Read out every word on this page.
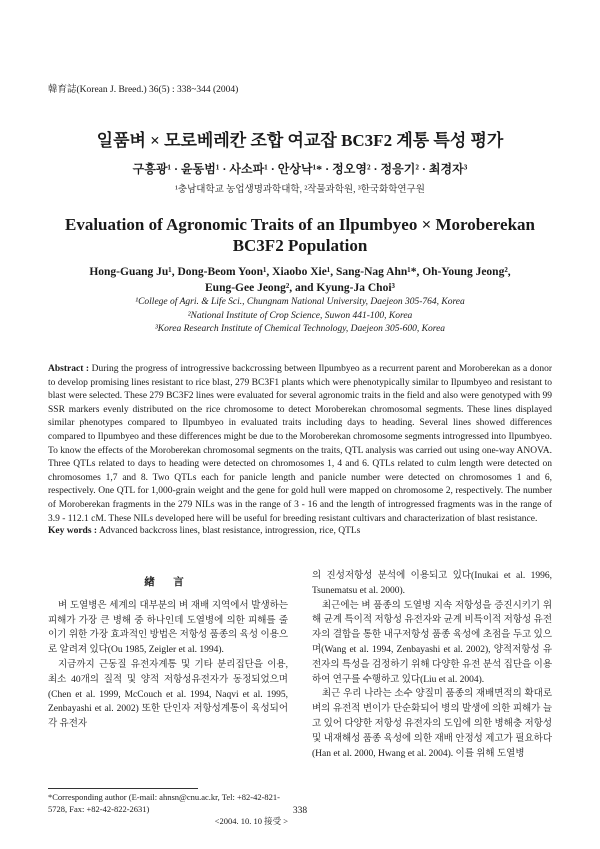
韓育誌(Korean J. Breed.) 36(5) : 338~344 (2004)
일품벼 × 모로베레칸 조합 여교잡 BC3F2 계통 특성 평가
구흥광¹ · 윤동범¹ · 사소파¹ · 안상낙¹* · 정오영² · 정응기² · 최경자³
¹충남대학교 농업생명과학대학, ²작물과학원, ³한국화학연구원
Evaluation of Agronomic Traits of an Ilpumbyeo × Moroberekan
BC3F2 Population
Hong-Guang Ju¹, Dong-Beom Yoon¹, Xiaobo Xie¹, Sang-Nag Ahn¹*, Oh-Young Jeong²,
Eung-Gee Jeong², and Kyung-Ja Choi³
¹College of Agri. & Life Sci., Chungnam National University, Daejeon 305-764, Korea
²National Institute of Crop Science, Suwon 441-100, Korea
³Korea Research Institute of Chemical Technology, Daejeon 305-600, Korea
Abstract : During the progress of introgressive backcrossing between Ilpumbyeo as a recurrent parent and Moroberekan as a donor to develop promising lines resistant to rice blast, 279 BC3F1 plants which were phenotypically similar to Ilpumbyeo and resistant to blast were selected. These 279 BC3F2 lines were evaluated for several agronomic traits in the field and also were genotyped with 99 SSR markers evenly distributed on the rice chromosome to detect Moroberekan chromosomal segments. These lines displayed similar phenotypes compared to Ilpumbyeo in evaluated traits including days to heading. Several lines showed differences compared to Ilpumbyeo and these differences might be due to the Moroberekan chromosome segments introgressed into Ilpumbyeo. To know the effects of the Moroberekan chromosomal segments on the traits, QTL analysis was carried out using one-way ANOVA. Three QTLs related to days to heading were detected on chromosomes 1, 4 and 6. QTLs related to culm length were detected on chromosomes 1,7 and 8. Two QTLs each for panicle length and panicle number were detected on chromosomes 1 and 6, respectively. One QTL for 1,000-grain weight and the gene for gold hull were mapped on chromosome 2, respectively. The number of Moroberekan fragments in the 279 NILs was in the range of 3 - 16 and the length of introgressed fragments was in the range of 3.9 - 112.1 cM. These NILs developed here will be useful for breeding resistant cultivars and characterization of blast resistance.
Key words : Advanced backcross lines, blast resistance, introgression, rice, QTLs
緖 言

벼 도열병은 세계의 대부분의 벼 재배 지역에서 발생하는 피해가 가장 큰 병해 중 하나인데 도열병에 의한 피해를 줄이기 위한 가장 효과적인 방법은 저항성 품종의 육성 이용으로 알려져 있다(Ou 1985, Zeigler et al. 1994).

지금까지 근동질 유전자계통 및 기타 분리집단을 이용, 최소 40개의 질적 및 양적 저항성유전자가 동정되었으며(Chen et al. 1999, McCouch et al. 1994, Naqvi et al. 1995, Zenbayashi et al. 2002) 또한 단인자 저항성계통이 육성되어 각 유전자

의 진성저항성 분석에 이용되고 있다(Inukai et al. 1996, Tsunematsu et al. 2000).

최근에는 벼 품종의 도열병 지속 저항성을 증진시키기 위해 균계 특이적 저항성 유전자와 균계 비특이적 저항성 유전자의 결합을 통한 내구저항성 품종 육성에 초점을 두고 있으며(Wang et al. 1994, Zenbayashi et al. 2002), 양적저항성 유전자의 특성을 검정하기 위해 다양한 유전 분석 집단을 이용하여 연구를 수행하고 있다(Liu et al. 2004).

최근 우리 나라는 소수 양질미 품종의 재배면적의 확대로 벼의 유전적 변이가 단순화되어 병의 발생에 의한 피해가 늘고 있어 다양한 저항성 유전자의 도입에 의한 병해충 저항성 및 내재해성 품종 육성에 의한 재배 안정성 제고가 필요하다(Han et al. 2000, Hwang et al. 2004). 이를 위해 도열병

*Corresponding author (E-mail: ahnsn@cnu.ac.kr, Tel: +82-42-821-5728, Fax: +82-42-822-2631)
<2004. 10. 10 接受 >
338
